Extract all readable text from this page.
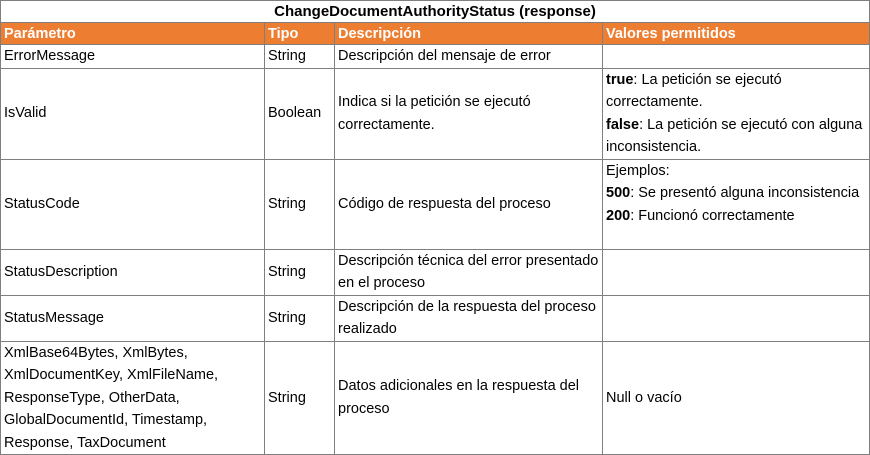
ChangeDocumentAuthorityStatus (response)			
Parámetro	Tipo	Descripción	Valores permitidos
ErrorMessage	String	Descripción del mensaje de error	
IsValid	Boolean	Indica si la petición se ejecutó correctamente.	true: La petición se ejecutó correctamente.
false: La petición se ejecutó con alguna inconsistencia.

StatusCode	String	Código de respuesta del proceso	Ejemplos:
500: Se presentó alguna inconsistencia
200: Funcionó correctamente

StatusDescription	String	Descripción técnica del error presentado en el proceso	
StatusMessage	String	Descripción de la respuesta del proceso realizado	
XmlBase64Bytes, XmlBytes, XmlDocumentKey, XmlFileName, ResponseType, OtherData, GlobalDocumentId, Timestamp, Response, TaxDocument	String	Datos adicionales en la respuesta del proceso	Null o vacío
